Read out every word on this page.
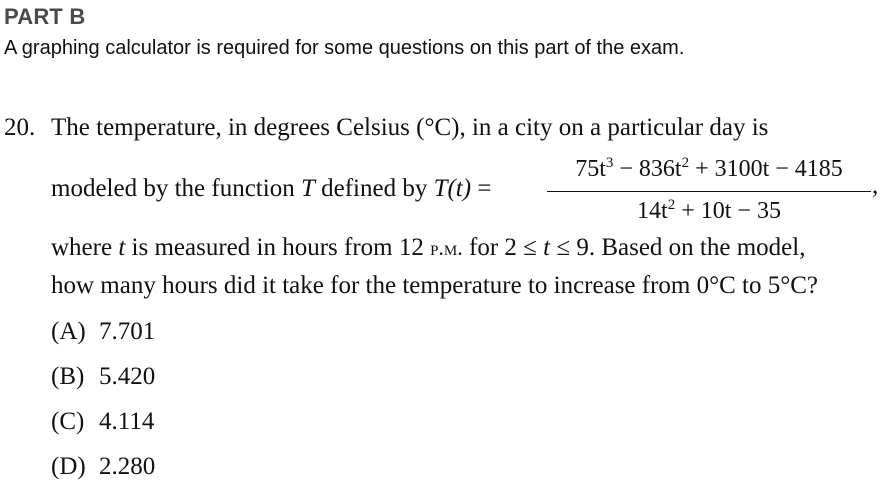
PART B
A graphing calculator is required for some questions on this part of the exam.
20. The temperature, in degrees Celsius (°C), in a city on a particular day is
modeled by the function T defined by T(t) =
$75t^3 - 836t^2 + 3100t - 4185$
$14t^2 + 10t - 35$
,
where t is measured in hours from 12 p.m. for 2 ≤ t ≤ 9. Based on the model,
how many hours did it take for the temperature to increase from 0°C to 5°C?
(A) 7.701
(B) 5.420
(C) 4.114
(D) 2.280
